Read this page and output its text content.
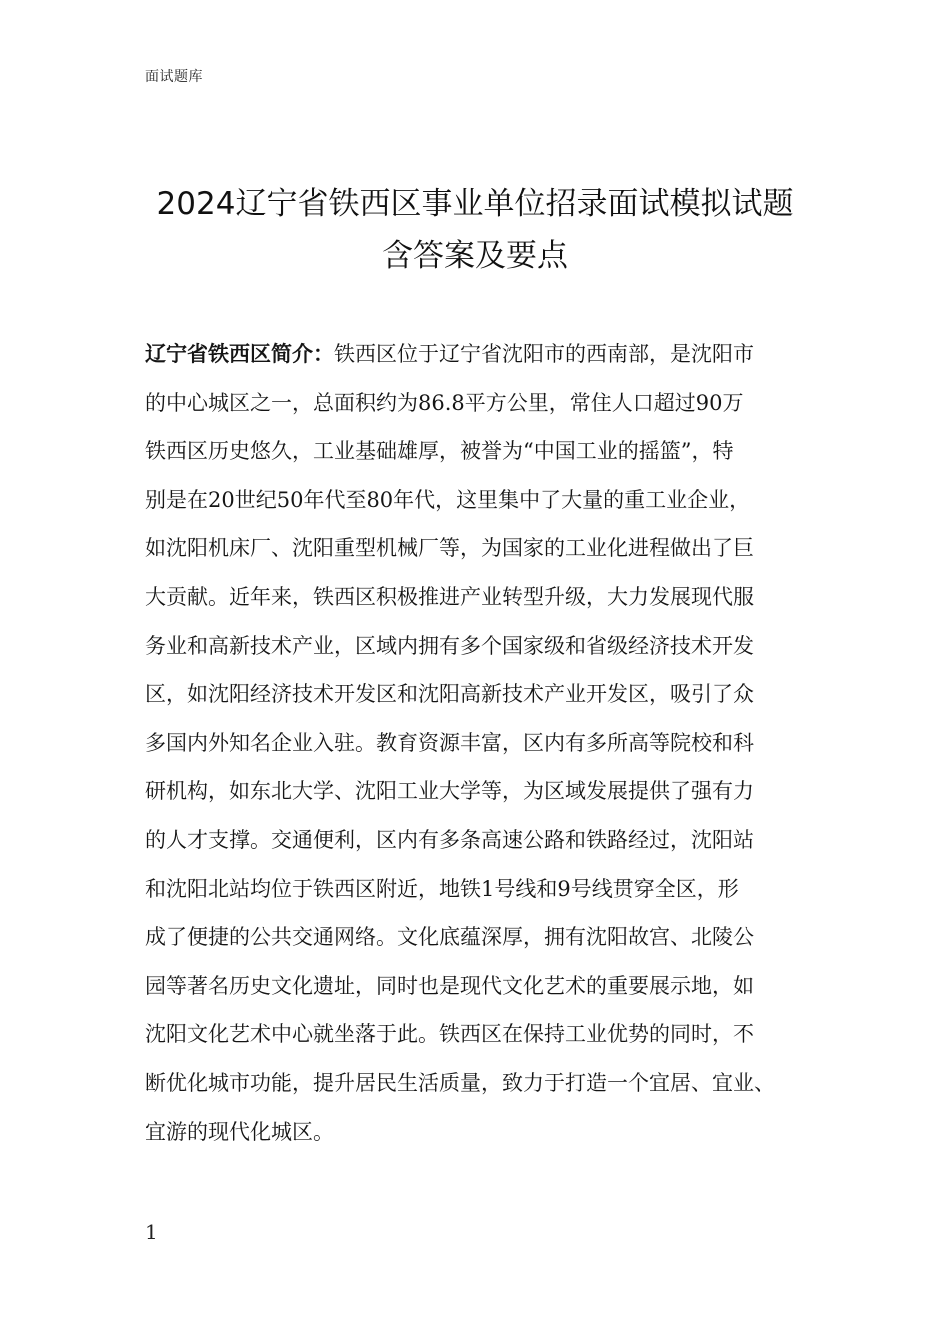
面试题库
2024辽宁省铁西区事业单位招录面试模拟试题
含答案及要点
辽宁省铁西区简介：铁西区位于辽宁省沈阳市的西南部，是沈阳市
的中心城区之一，总面积约为86.8平方公里，常住人口超过90万
铁西区历史悠久，工业基础雄厚，被誉为“中国工业的摇篮”，特
别是在20世纪50年代至80年代，这里集中了大量的重工业企业，
如沈阳机床厂、沈阳重型机械厂等，为国家的工业化进程做出了巨
大贡献。近年来，铁西区积极推进产业转型升级，大力发展现代服
务业和高新技术产业，区域内拥有多个国家级和省级经济技术开发
区，如沈阳经济技术开发区和沈阳高新技术产业开发区，吸引了众
多国内外知名企业入驻。教育资源丰富，区内有多所高等院校和科
研机构，如东北大学、沈阳工业大学等，为区域发展提供了强有力
的人才支撑。交通便利，区内有多条高速公路和铁路经过，沈阳站
和沈阳北站均位于铁西区附近，地铁1号线和9号线贯穿全区，形
成了便捷的公共交通网络。文化底蕴深厚，拥有沈阳故宫、北陵公
园等著名历史文化遗址，同时也是现代文化艺术的重要展示地，如
沈阳文化艺术中心就坐落于此。铁西区在保持工业优势的同时，不
断优化城市功能，提升居民生活质量，致力于打造一个宜居、宜业、
宜游的现代化城区。
1
